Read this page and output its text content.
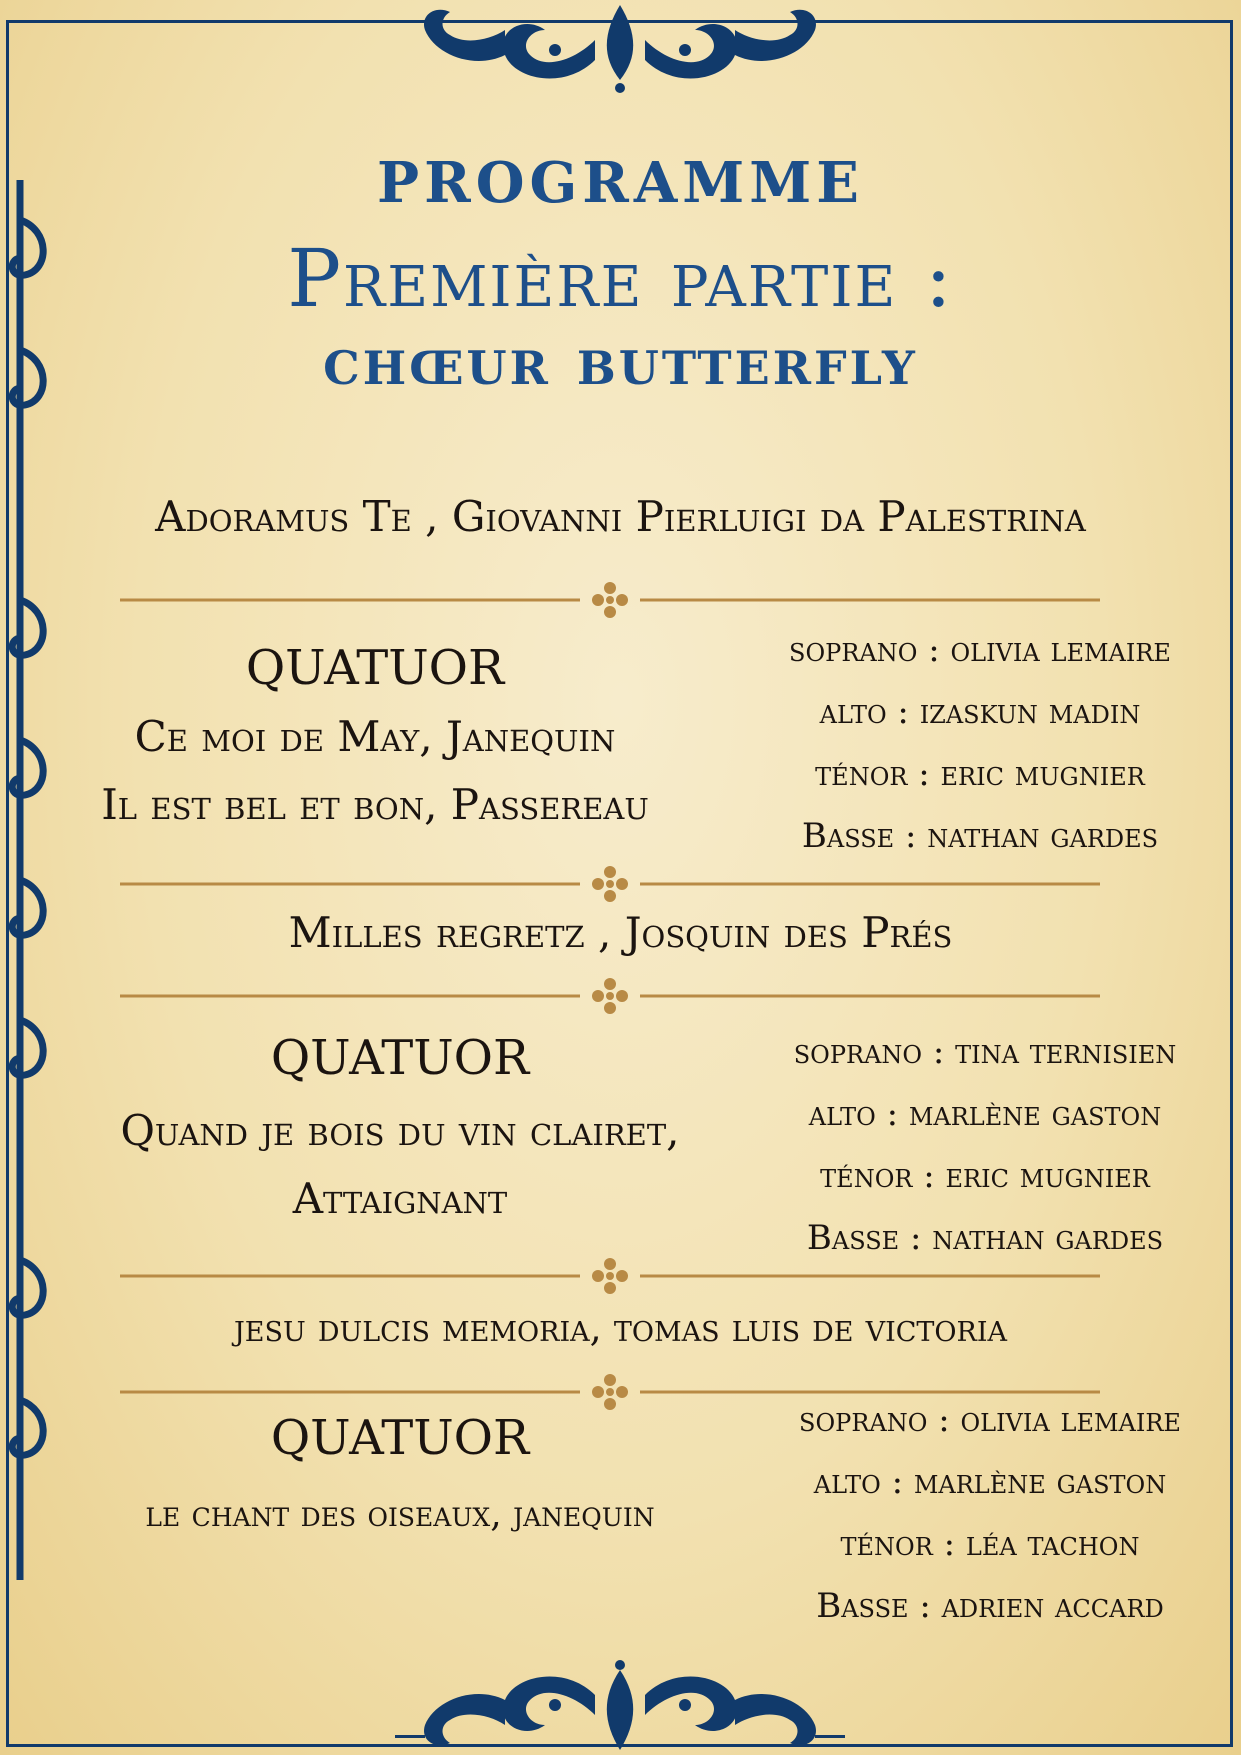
PROGRAMME
Première partie :
chœur butterfly
Adoramus Te , Giovanni Pierluigi da Palestrina
QUATUOR
Ce moi de May, Janequin
Il est bel et bon, Passereau
soprano : olivia lemaire
alto : izaskun madin
ténor : eric mugnier
Basse : nathan gardes
Milles regretz , Josquin des Prés
QUATUOR
Quand je bois du vin clairet,
Attaignant
soprano : tina ternisien
alto : marlène gaston
ténor : eric mugnier
Basse : nathan gardes
jesu dulcis memoria, tomas luis de victoria
QUATUOR
le chant des oiseaux, janequin
soprano : olivia lemaire
alto : marlène gaston
ténor : léa tachon
Basse : adrien accard
